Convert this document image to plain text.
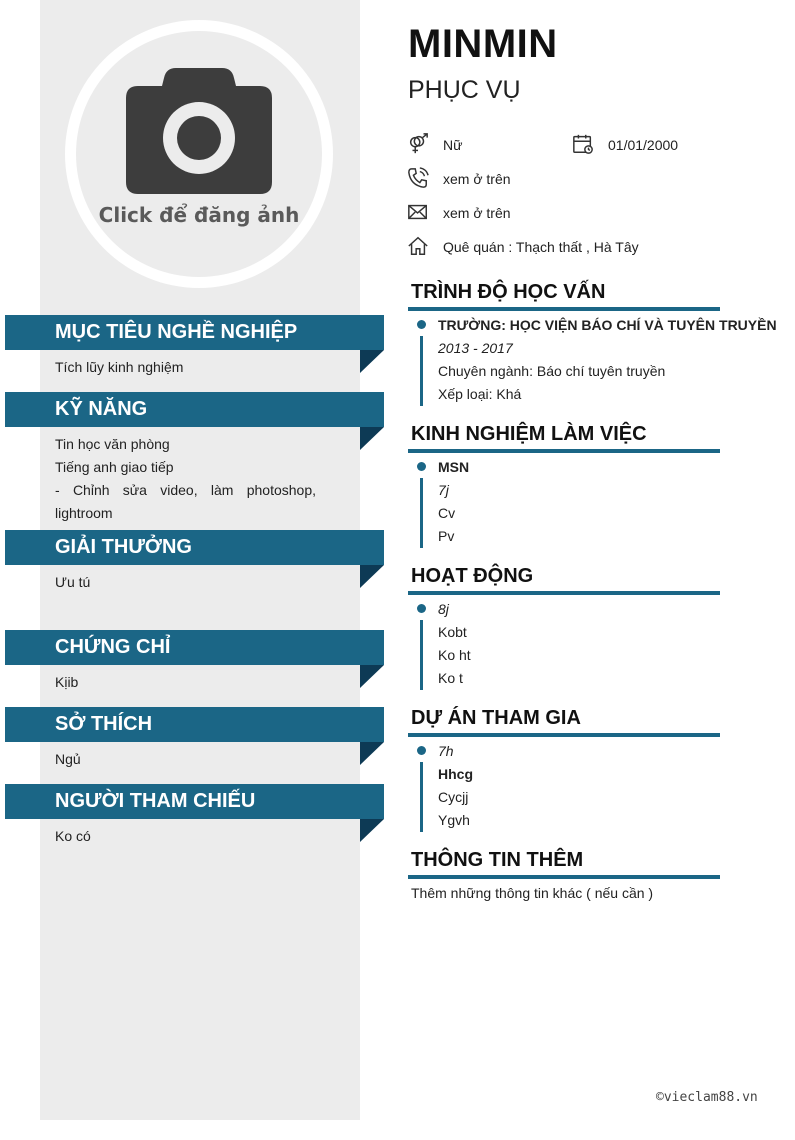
Click để đăng ảnh
MỤC TIÊU NGHỀ NGHIỆP
Tích lũy kinh nghiệm
KỸ NĂNG
Tin học văn phòng
Tiếng anh giao tiếp
- Chỉnh sửa video, làm photoshop, lightroom
GIẢI THƯỞNG
Ưu tú
CHỨNG CHỈ
Kịib
SỞ THÍCH
Ngủ
NGƯỜI THAM CHIẾU
Ko có
MINMIN
PHỤC VỤ
Nữ	01/01/2000
xem ở trên
xem ở trên
Quê quán : Thạch thất , Hà Tây
TRÌNH ĐỘ HỌC VẤN
TRƯỜNG: HỌC VIỆN BÁO CHÍ VÀ TUYÊN TRUYỀN
2013 - 2017
Chuyên ngành: Báo chí tuyên truyền
Xếp loại: Khá
KINH NGHIỆM LÀM VIỆC
MSN
7j
Cv
Pv
HOẠT ĐỘNG
8j
Kobt
Ko ht
Ko t
DỰ ÁN THAM GIA
7h
Hhcg
Cycjj
Ygvh
THÔNG TIN THÊM
Thêm những thông tin khác ( nếu cần )
©vieclam88.vn
